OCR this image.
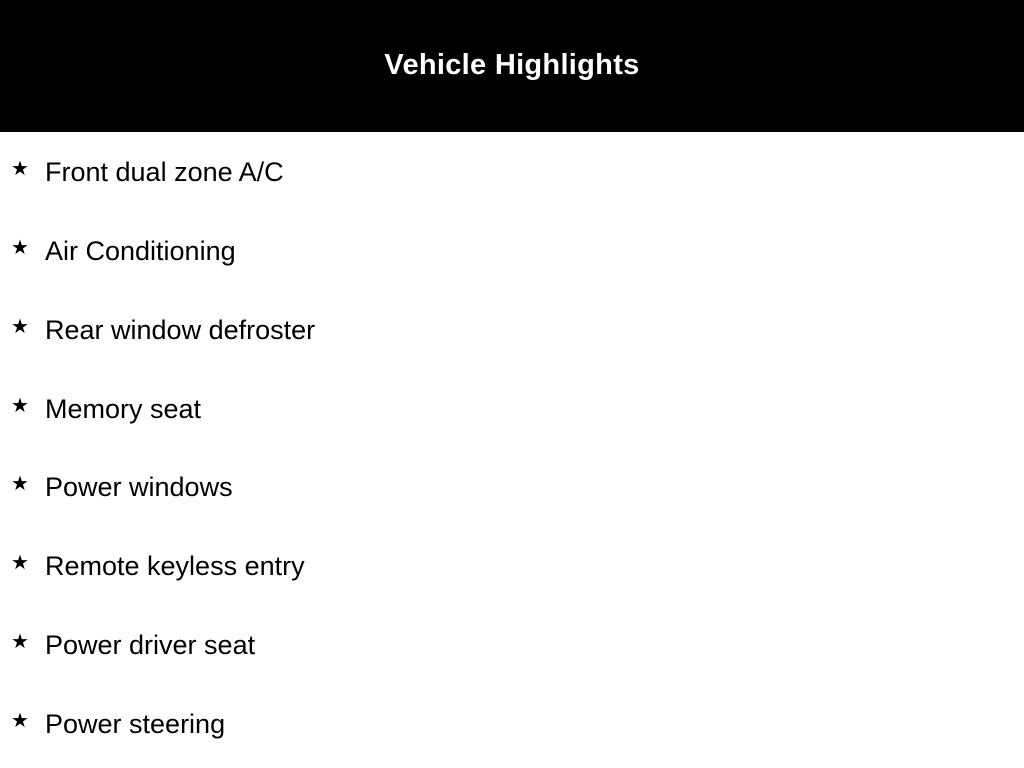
Vehicle Highlights
★ Front dual zone A/C
★ Air Conditioning
★ Rear window defroster
★ Memory seat
★ Power windows
★ Remote keyless entry
★ Power driver seat
★ Power steering
